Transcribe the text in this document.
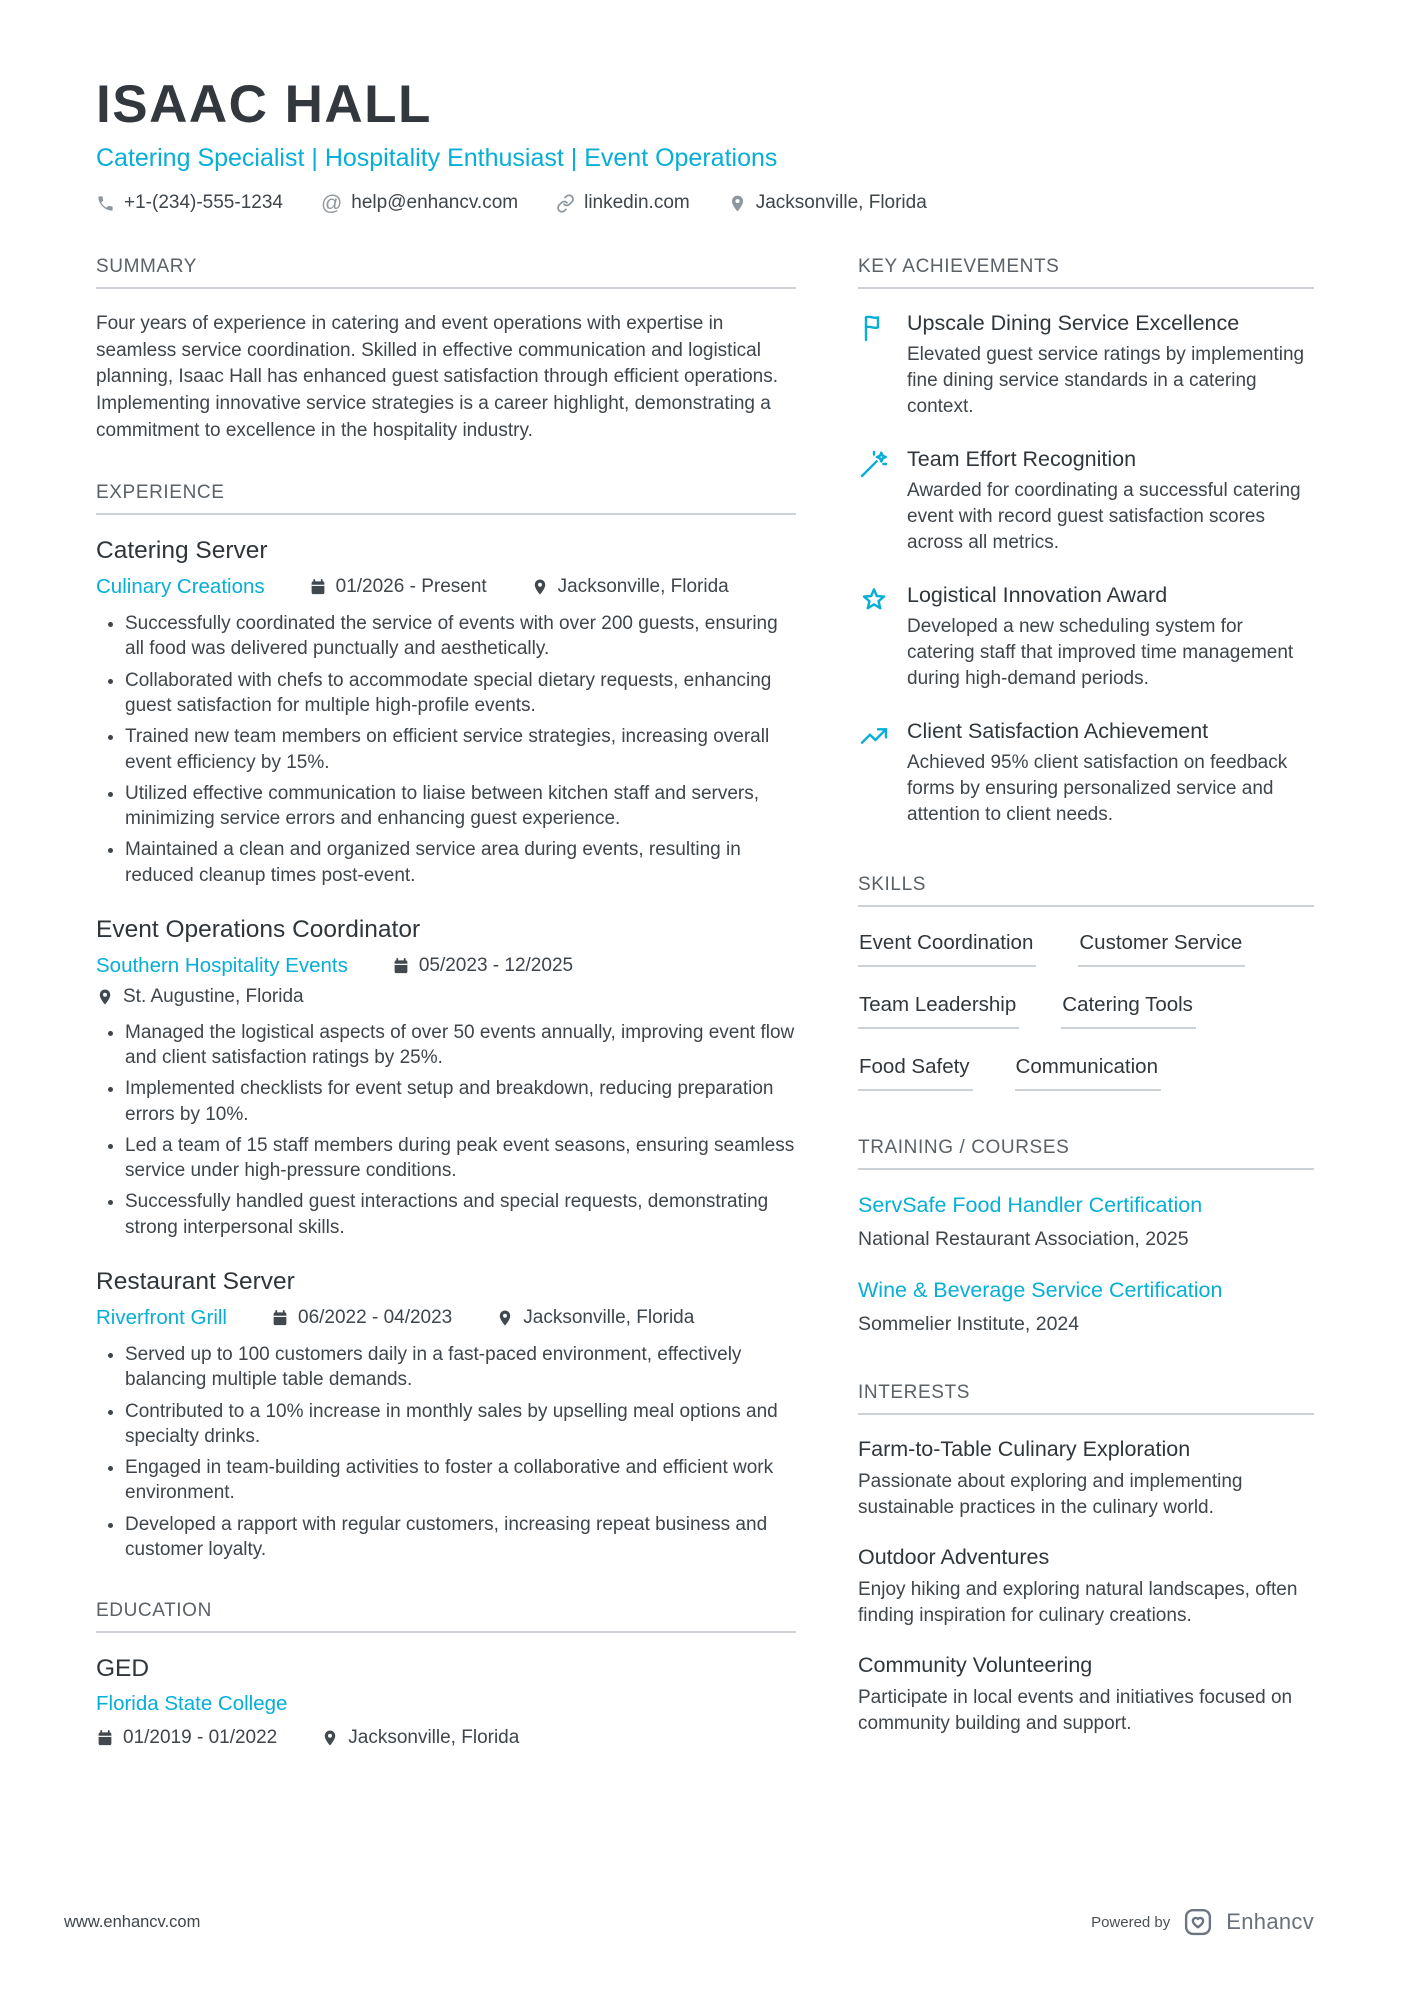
ISAAC HALL
Catering Specialist | Hospitality Enthusiast | Event Operations
+1-(234)-555-1234 @ help@enhancv.com	linkedin.com	Jacksonville, Florida
SUMMARY

Four years of experience in catering and event operations with expertise in seamless service coordination. Skilled in effective communication and logistical planning, Isaac Hall has enhanced guest satisfaction through efficient operations. Implementing innovative service strategies is a career highlight, demonstrating a commitment to excellence in the hospitality industry.

EXPERIENCE
Catering Server
Culinary Creations	01/2026 - Present	Jacksonville, Florida
• Successfully coordinated the service of events with over 200 guests, ensuring all food was delivered punctually and aesthetically.
• Collaborated with chefs to accommodate special dietary requests, enhancing guest satisfaction for multiple high-profile events.
• Trained new team members on efficient service strategies, increasing overall event efficiency by 15%.
• Utilized effective communication to liaise between kitchen staff and servers, minimizing service errors and enhancing guest experience.
• Maintained a clean and organized service area during events, resulting in reduced cleanup times post-event.
Event Operations Coordinator
Southern Hospitality Events	05/2023 - 12/2025
St. Augustine, Florida
• Managed the logistical aspects of over 50 events annually, improving event flow and client satisfaction ratings by 25%.
• Implemented checklists for event setup and breakdown, reducing preparation errors by 10%.
• Led a team of 15 staff members during peak event seasons, ensuring seamless service under high-pressure conditions.
• Successfully handled guest interactions and special requests, demonstrating strong interpersonal skills.
Restaurant Server
Riverfront Grill	06/2022 - 04/2023	Jacksonville, Florida
• Served up to 100 customers daily in a fast-paced environment, effectively balancing multiple table demands.
• Contributed to a 10% increase in monthly sales by upselling meal options and specialty drinks.
• Engaged in team-building activities to foster a collaborative and efficient work environment.
• Developed a rapport with regular customers, increasing repeat business and customer loyalty.
EDUCATION
GED
Florida State College
01/2019 - 01/2022	Jacksonville, Florida
KEY ACHIEVEMENTS
Upscale Dining Service Excellence
Elevated guest service ratings by implementing fine dining service standards in a catering context.
Team Effort Recognition
Awarded for coordinating a successful catering event with record guest satisfaction scores across all metrics.
Logistical Innovation Award
Developed a new scheduling system for catering staff that improved time management during high-demand periods.
Client Satisfaction Achievement
Achieved 95% client satisfaction on feedback forms by ensuring personalized service and attention to client needs.
SKILLS
Event Coordination Customer Service
Team Leadership Catering Tools
Food Safety Communication
TRAINING / COURSES
ServSafe Food Handler Certification
National Restaurant Association, 2025
Wine & Beverage Service Certification
Sommelier Institute, 2024
INTERESTS
Farm-to-Table Culinary Exploration
Passionate about exploring and implementing sustainable practices in the culinary world.
Outdoor Adventures
Enjoy hiking and exploring natural landscapes, often finding inspiration for culinary creations.
Community Volunteering
Participate in local events and initiatives focused on community building and support.
www.enhancv.com	Powered by	Enhancv
